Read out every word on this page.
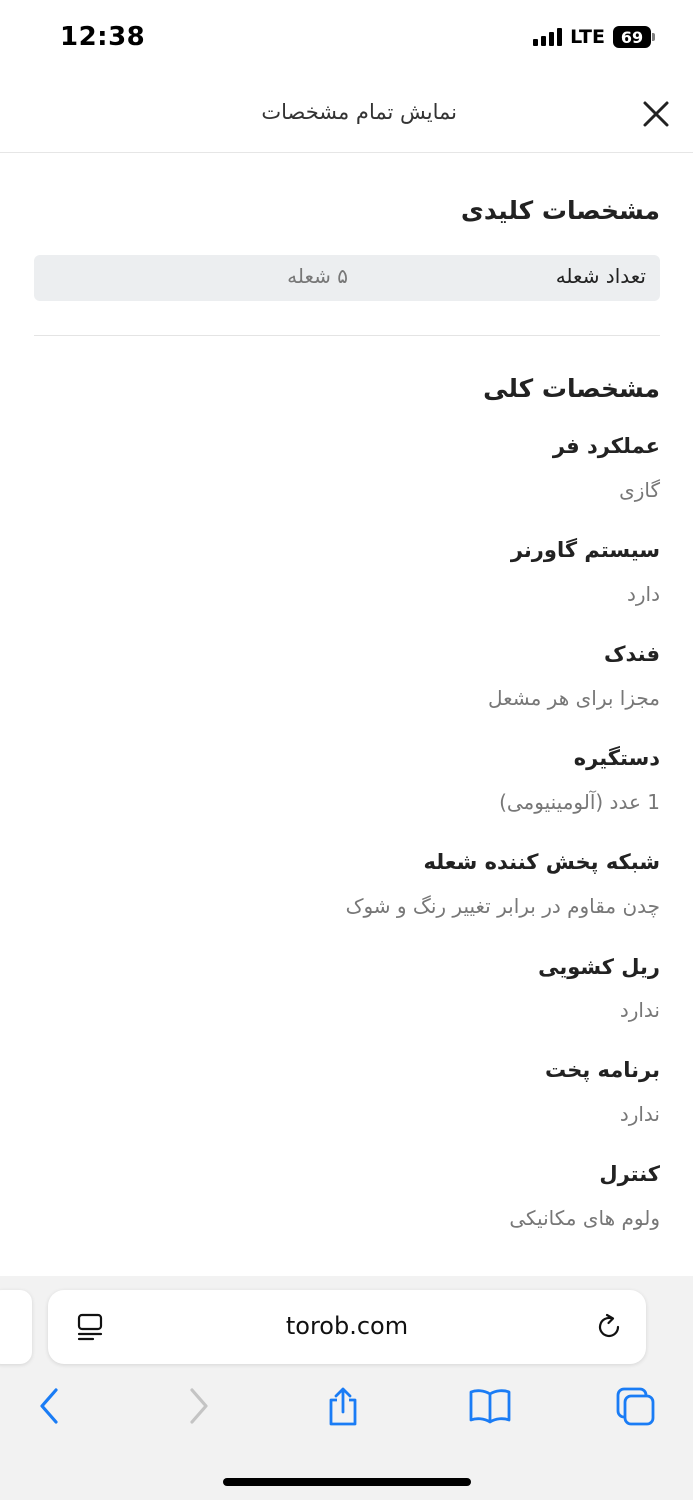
12:38	LTE 69
نمایش تمام مشخصات
مشخصات کلیدی
تعداد شعله
۵ شعله
مشخصات کلی
عملکرد فر
گازی
سیستم گاورنر
دارد
فندک
مجزا برای هر مشعل
دستگیره
1 عدد (آلومینیومی)
شبکه پخش کننده شعله
چدن مقاوم در برابر تغییر رنگ و شوک
ریل کشویی
ندارد
برنامه پخت
ندارد
کنترل
ولوم های مکانیکی
torob.com
